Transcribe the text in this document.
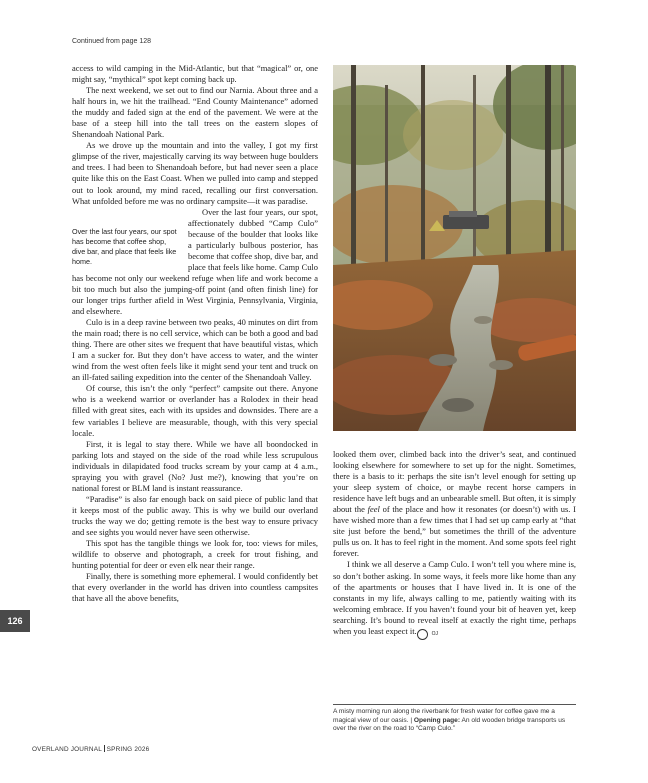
Continued from page 128

access to wild camping in the Mid-Atlantic, but that “magical” or, one might say, “mythical” spot kept coming back up.

The next weekend, we set out to find our Narnia. About three and a half hours in, we hit the trailhead. “End County Maintenance” adorned the muddy and faded sign at the end of the pavement. We were at the base of a steep hill into the tall trees on the eastern slopes of Shenandoah National Park.

As we drove up the mountain and into the valley, I got my first glimpse of the river, majestically carving its way between huge boulders and trees. I had been to Shenandoah before, but had never seen a place quite like this on the East Coast. When we pulled into camp and stepped out to look around, my mind raced, recalling our first conversation. What unfolded before me was no ordinary campsite—it was paradise.

Over the last four years, our spot has become that coffee shop, dive bar, and place that feels like home.

Over the last four years, our spot, affectionately dubbed “Camp Culo” because of the boulder that looks like a particularly bulbous posterior, has become that coffee shop, dive bar, and place that feels like home. Camp Culo has become not only our weekend refuge when life and work become a bit too much but also the jumping-off point (and often finish line) for our longer trips further afield in West Virginia, Pennsylvania, Virginia, and elsewhere.

Culo is in a deep ravine between two peaks, 40 minutes on dirt from the main road; there is no cell service, which can be both a good and bad thing. There are other sites we frequent that have beautiful vistas, which I am a sucker for. But they don’t have access to water, and the winter wind from the west often feels like it might send your tent and truck on an ill-fated sailing expedition into the center of the Shenandoah Valley.

Of course, this isn’t the only “perfect” campsite out there. Anyone who is a weekend warrior or overlander has a Rolodex in their head filled with great sites, each with its upsides and downsides. There are a few variables I believe are measurable, though, with this very special locale.

First, it is legal to stay there. While we have all boondocked in parking lots and stayed on the side of the road while less scrupulous individuals in dilapidated food trucks scream by your camp at 4 a.m., spraying you with gravel (No? Just me?), knowing that you’re on national forest or BLM land is instant reassurance.

“Paradise” is also far enough back on said piece of public land that it keeps most of the public away. This is why we build our overland trucks the way we do; getting remote is the best way to ensure privacy and see sights you would never have seen otherwise.

This spot has the tangible things we look for, too: views for miles, wildlife to observe and photograph, a creek for trout fishing, and hunting potential for deer or even elk near their range.

Finally, there is something more ephemeral. I would confidently bet that every overlander in the world has driven into countless campsites that have all the above benefits,

looked them over, climbed back into the driver’s seat, and continued looking elsewhere for somewhere to set up for the night. Sometimes, there is a basis to it: perhaps the site isn’t level enough for setting up your sleep system of choice, or maybe recent horse campers in residence have left bugs and an unbearable smell. But often, it is simply about the feel of the place and how it resonates (or doesn’t) with us. I have wished more than a few times that I had set up camp early at “that site just before the bend,” but sometimes the thrill of the adventure pulls us on. It has to feel right in the moment. And some spots feel right forever.

I think we all deserve a Camp Culo. I won’t tell you where mine is, so don’t bother asking. In some ways, it feels more like home than any of the apartments or houses that I have lived in. It is one of the constants in my life, always calling to me, patiently waiting with its welcoming embrace. If you haven’t found your bit of heaven yet, keep searching. It’s bound to reveal itself at exactly the right time, perhaps when you least expect it.	OJ

A misty morning run along the riverbank for fresh water for coffee gave me a magical view of our oasis. | Opening page: An old wooden bridge transports us over the river on the road to “Camp Culo.”
126
OVERLAND JOURNAL SPRING 2026
